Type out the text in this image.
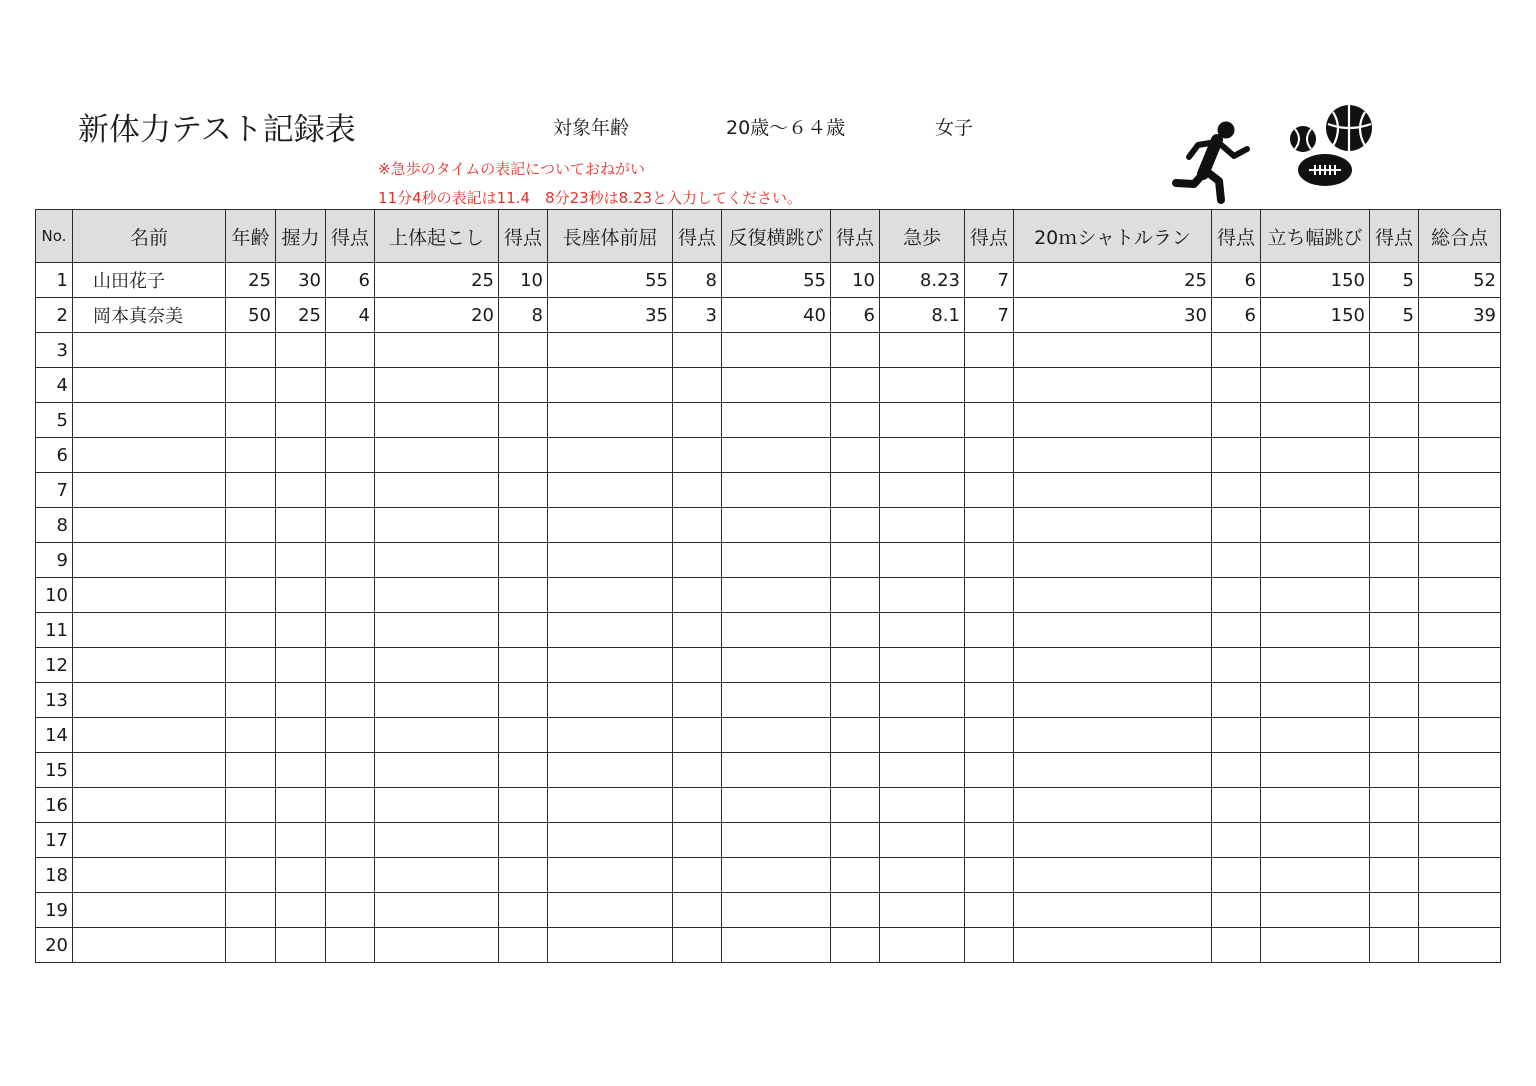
新体力テスト記録表	対象年齢	20歳～６４歳	女子
※急歩のタイムの表記についておねがい
11分4秒の表記は11.4　8分23秒は8.23と入力してください。
No.	名前	年齢	握力	得点	上体起こし	得点	長座体前屈	得点	反復横跳び	得点	急歩	得点	20ｍシャトルラン	得点	立ち幅跳び	得点	総合点
1	山田花子	25	30	6	25	10	55	8	55	10	8.23	7	25	6	150	5	52
2	岡本真奈美	50	25	4	20	8	35	3	40	6	8.1	7	30	6	150	5	39
3																	
4																	
5																	
6																	
7																	
8																	
9																	
10																	
11																	
12																	
13																	
14																	
15																	
16																	
17																	
18																	
19																	
20																	
